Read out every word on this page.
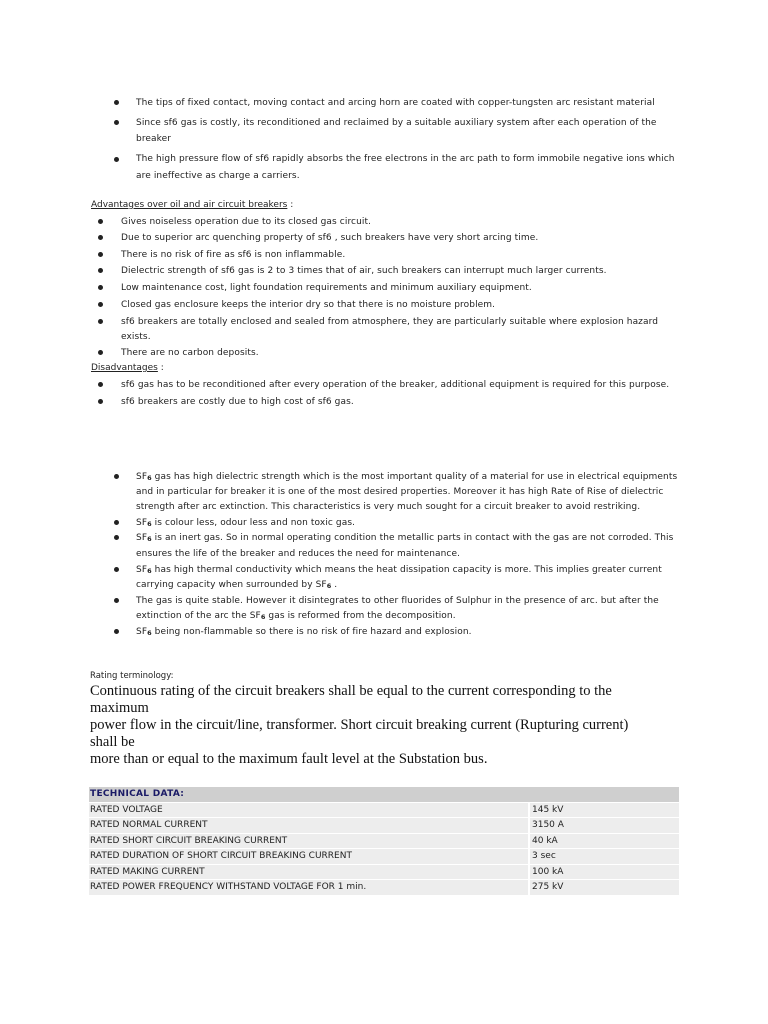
The tips of fixed contact, moving contact and arcing horn are coated with copper-tungsten arc resistant material
Since sf6 gas is costly, its reconditioned and reclaimed by a suitable auxiliary system after each operation of the
breaker
The high pressure flow of sf6 rapidly absorbs the free electrons in the arc path to form immobile negative ions which
are ineffective as charge a carriers.
Advantages over oil and air circuit breakers :
Gives noiseless operation due to its closed gas circuit.
Due to superior arc quenching property of sf6 , such breakers have very short arcing time.
There is no risk of fire as sf6 is non inflammable.
Dielectric strength of sf6 gas is 2 to 3 times that of air, such breakers can interrupt much larger currents.
Low maintenance cost, light foundation requirements and minimum auxiliary equipment.
Closed gas enclosure keeps the interior dry so that there is no moisture problem.
sf6 breakers are totally enclosed and sealed from atmosphere, they are particularly suitable where explosion hazard
exists.
There are no carbon deposits.
Disadvantages :
sf6 gas has to be reconditioned after every operation of the breaker, additional equipment is required for this purpose.
sf6 breakers are costly due to high cost of sf6 gas.
SF6 gas has high dielectric strength which is the most important quality of a material for use in electrical equipments
and in particular for breaker it is one of the most desired properties. Moreover it has high Rate of Rise of dielectric
strength after arc extinction. This characteristics is very much sought for a circuit breaker to avoid restriking.
SF6 is colour less, odour less and non toxic gas.
SF6 is an inert gas. So in normal operating condition the metallic parts in contact with the gas are not corroded. This
ensures the life of the breaker and reduces the need for maintenance.
SF6 has high thermal conductivity which means the heat dissipation capacity is more. This implies greater current
carrying capacity when surrounded by SF6 .
The gas is quite stable. However it disintegrates to other fluorides of Sulphur in the presence of arc. but after the
extinction of the arc the SF6 gas is reformed from the decomposition.
SF6 being non-flammable so there is no risk of fire hazard and explosion.
Rating terminology:
Continuous rating of the circuit breakers shall be equal to the current corresponding to the
maximum
power flow in the circuit/line, transformer. Short circuit breaking current (Rupturing current)
shall be
more than or equal to the maximum fault level at the Substation bus.
TECHNICAL DATA:	
RATED VOLTAGE	145 kV
RATED NORMAL CURRENT	3150 A
RATED SHORT CIRCUIT BREAKING CURRENT	40 kA
RATED DURATION OF SHORT CIRCUIT BREAKING CURRENT	3 sec
RATED MAKING CURRENT	100 kA
RATED POWER FREQUENCY WITHSTAND VOLTAGE FOR 1 min.	275 kV
